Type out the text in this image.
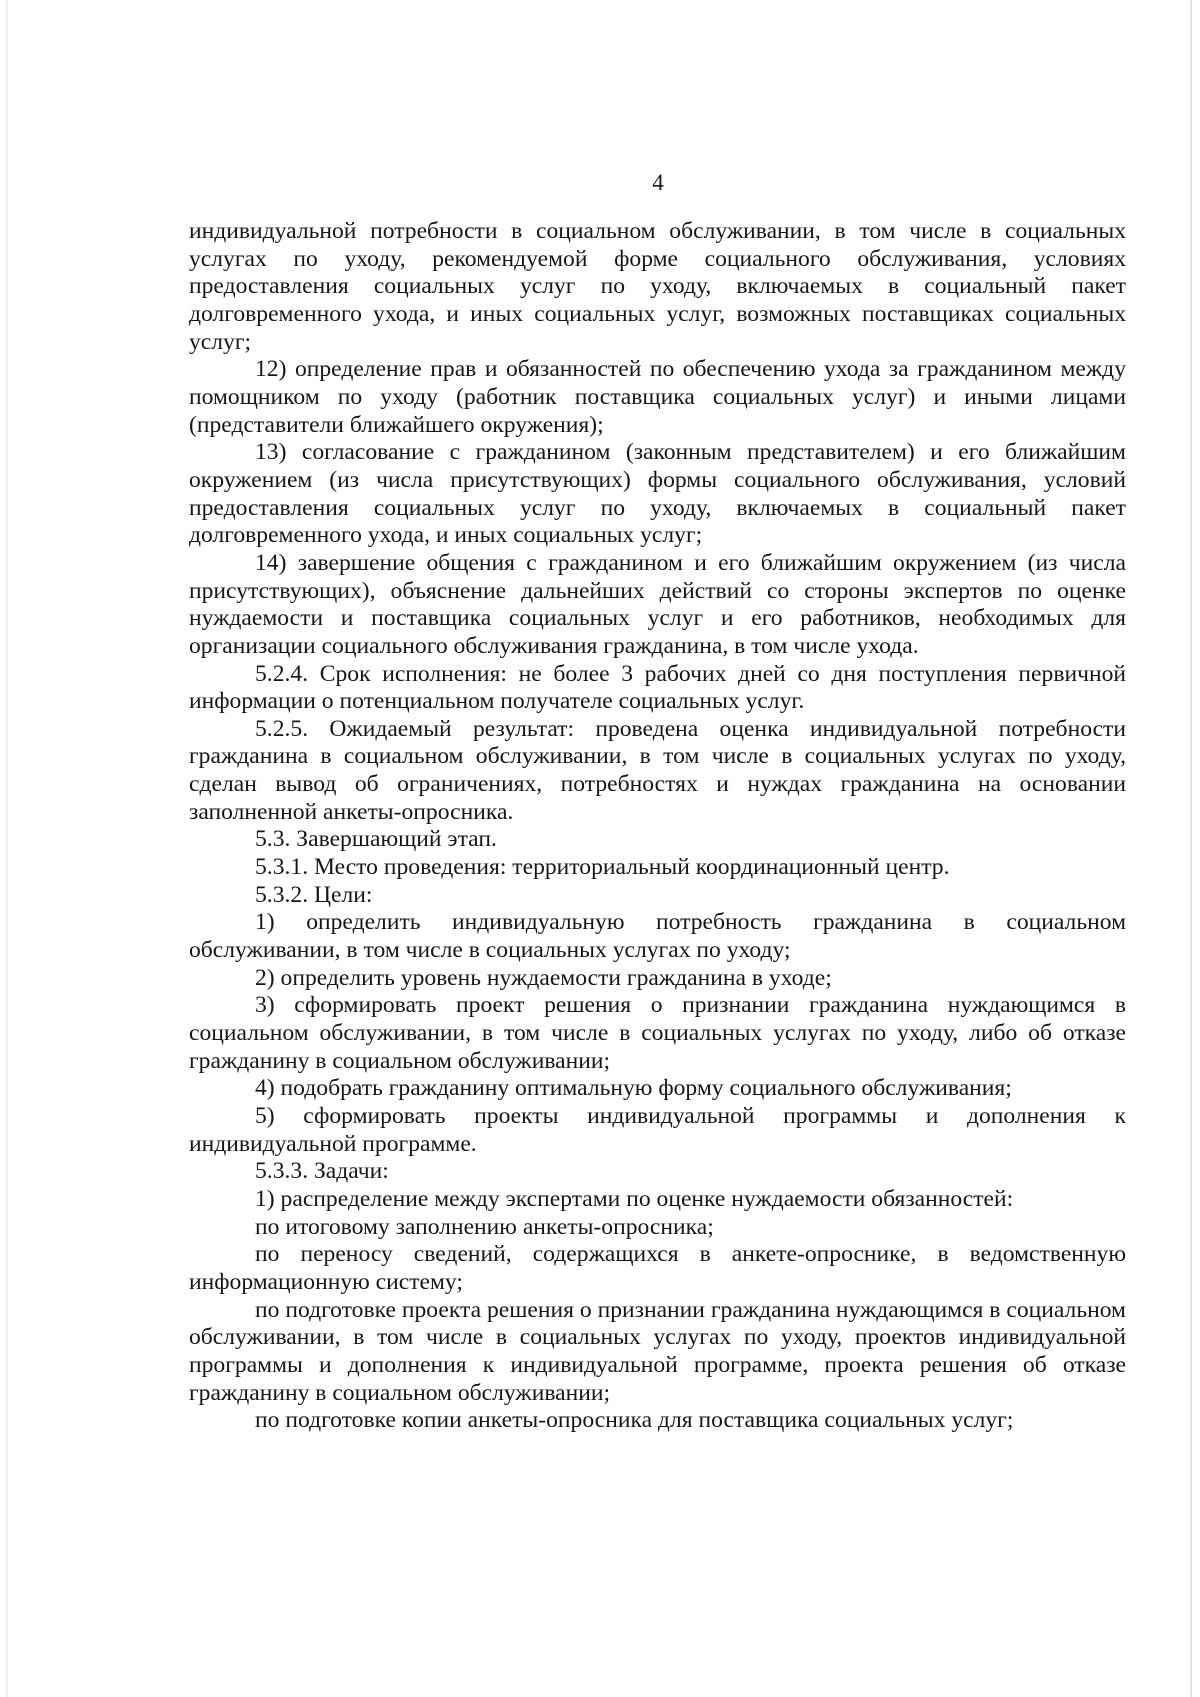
4

индивидуальной потребности в социальном обслуживании, в том числе в социальных услугах по уходу, рекомендуемой форме социального обслуживания, условиях предоставления социальных услуг по уходу, включаемых в социальный пакет долговременного ухода, и иных социальных услуг, возможных поставщиках социальных услуг;

12) определение прав и обязанностей по обеспечению ухода за гражданином между помощником по уходу (работник поставщика социальных услуг) и иными лицами (представители ближайшего окружения);

13) согласование с гражданином (законным представителем) и его ближайшим окружением (из числа присутствующих) формы социального обслуживания, условий предоставления социальных услуг по уходу, включаемых в социальный пакет долговременного ухода, и иных социальных услуг;

14) завершение общения с гражданином и его ближайшим окружением (из числа присутствующих), объяснение дальнейших действий со стороны экспертов по оценке нуждаемости и поставщика социальных услуг и его работников, необходимых для организации социального обслуживания гражданина, в том числе ухода.

5.2.4. Срок исполнения: не более 3 рабочих дней со дня поступления первичной информации о потенциальном получателе социальных услуг.

5.2.5. Ожидаемый результат: проведена оценка индивидуальной потребности гражданина в социальном обслуживании, в том числе в социальных услугах по уходу, сделан вывод об ограничениях, потребностях и нуждах гражданина на основании заполненной анкеты-опросника.

5.3. Завершающий этап.

5.3.1. Место проведения: территориальный координационный центр.

5.3.2. Цели:

1) определить индивидуальную потребность гражданина в социальном обслуживании, в том числе в социальных услугах по уходу;

2) определить уровень нуждаемости гражданина в уходе;

3) сформировать проект решения о признании гражданина нуждающимся в социальном обслуживании, в том числе в социальных услугах по уходу, либо об отказе гражданину в социальном обслуживании;

4) подобрать гражданину оптимальную форму социального обслуживания;

5) сформировать проекты индивидуальной программы и дополнения к индивидуальной программе.

5.3.3. Задачи:

1) распределение между экспертами по оценке нуждаемости обязанностей:

по итоговому заполнению анкеты-опросника;

по переносу сведений, содержащихся в анкете-опроснике, в ведомственную информационную систему;

по подготовке проекта решения о признании гражданина нуждающимся в социальном обслуживании, в том числе в социальных услугах по уходу, проектов индивидуальной программы и дополнения к индивидуальной программе, проекта решения об отказе гражданину в социальном обслуживании;

по подготовке копии анкеты-опросника для поставщика социальных услуг;
